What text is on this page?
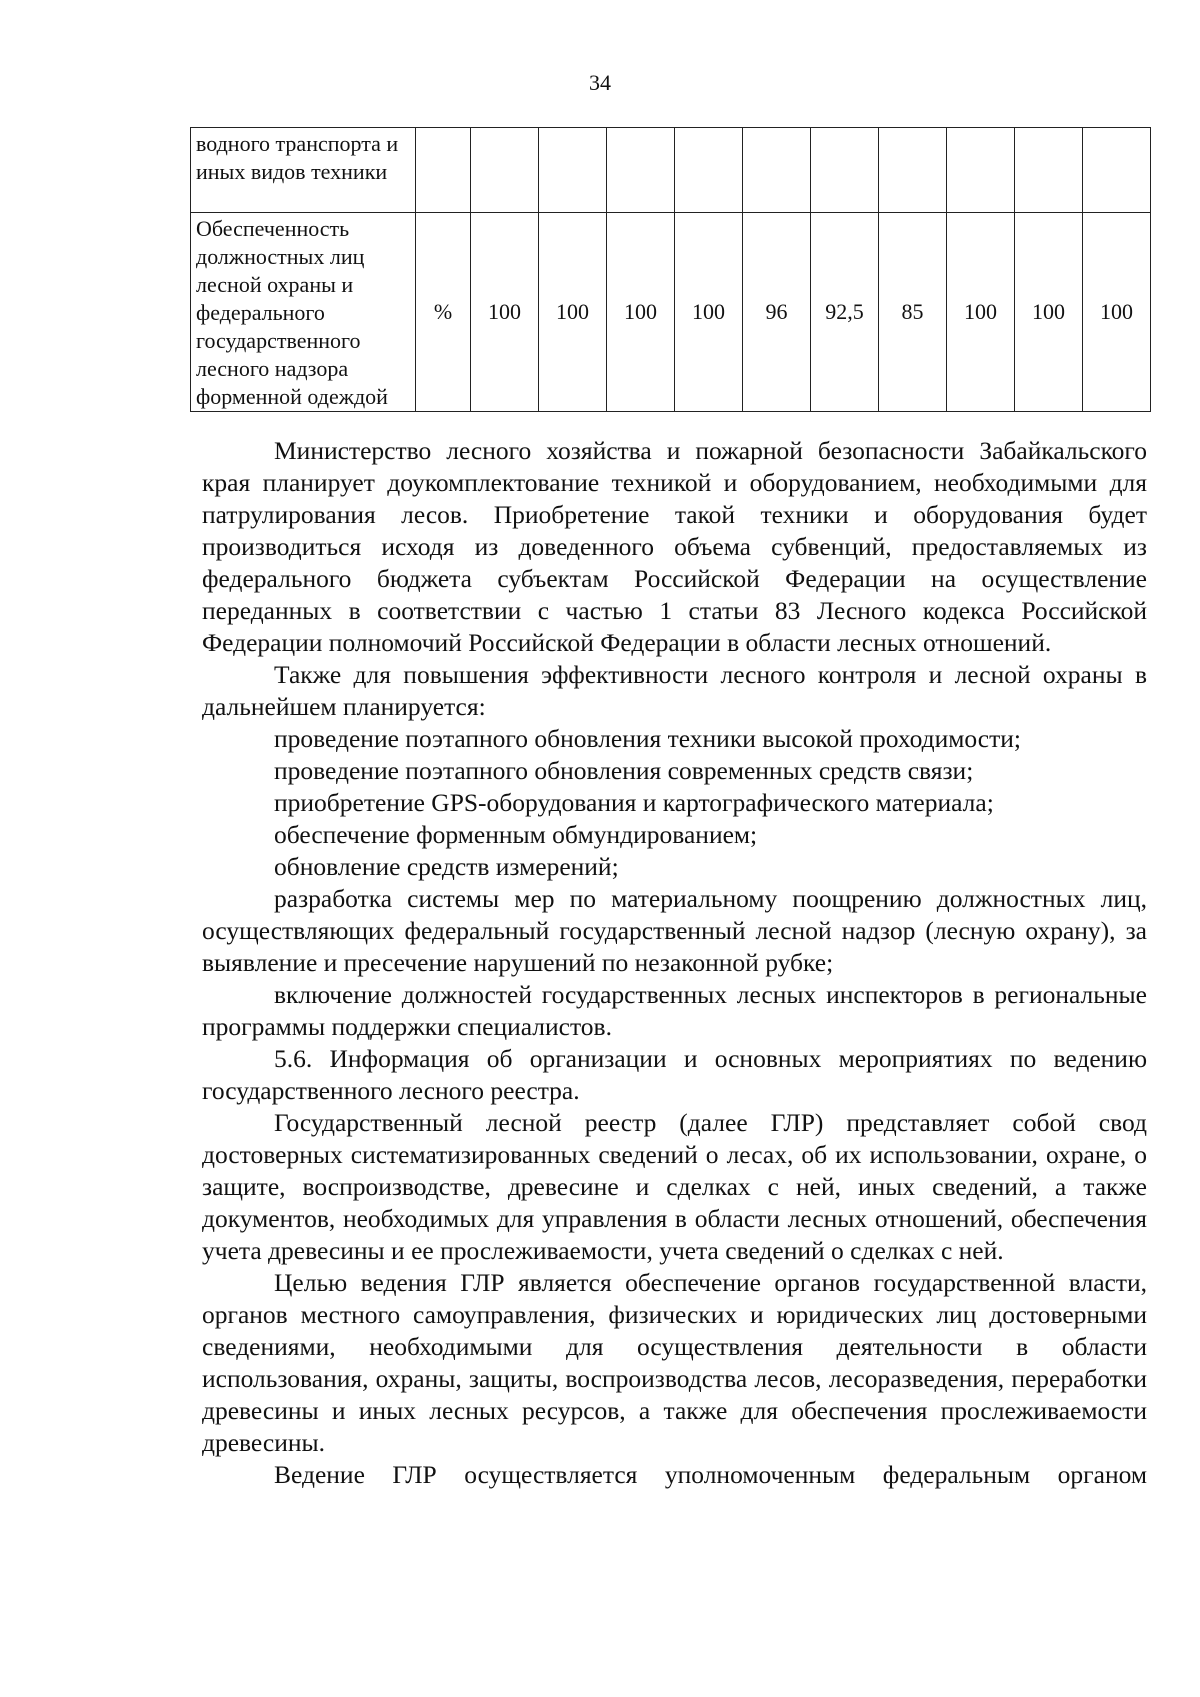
34
водного транспорта и иных видов техники											
Обеспеченность должностных лиц лесной охраны и федерального государственного лесного надзора форменной одеждой	%	100	100	100	100	96	92,5	85	100	100	100

Министерство лесного хозяйства и пожарной безопасности Забайкальского края планирует доукомплектование техникой и оборудованием, необходимыми для патрулирования лесов. Приобретение такой техники и оборудования будет производиться исходя из доведенного объема субвенций, предоставляемых из федерального бюджета субъектам Российской Федерации на осуществление переданных в соответствии с частью 1 статьи 83 Лесного кодекса Российской Федерации полномочий Российской Федерации в области лесных отношений.

Также для повышения эффективности лесного контроля и лесной охраны в дальнейшем планируется:

проведение поэтапного обновления техники высокой проходимости;

проведение поэтапного обновления современных средств связи;

приобретение GPS-оборудования и картографического материала;

обеспечение форменным обмундированием;

обновление средств измерений;

разработка системы мер по материальному поощрению должностных лиц, осуществляющих федеральный государственный лесной надзор (лесную охрану), за выявление и пресечение нарушений по незаконной рубке;

включение должностей государственных лесных инспекторов в региональные программы поддержки специалистов.

5.6. Информация об организации и основных мероприятиях по ведению государственного лесного реестра.

Государственный лесной реестр (далее ГЛР) представляет собой свод достоверных систематизированных сведений о лесах, об их использовании, охране, о защите, воспроизводстве, древесине и сделках с ней, иных сведений, а также документов, необходимых для управления в области лесных отношений, обеспечения учета древесины и ее прослеживаемости, учета сведений о сделках с ней.

Целью ведения ГЛР является обеспечение органов государственной власти, органов местного самоуправления, физических и юридических лиц достоверными сведениями, необходимыми для осуществления деятельности в области использования, охраны, защиты, воспроизводства лесов, лесоразведения, переработки древесины и иных лесных ресурсов, а также для обеспечения прослеживаемости древесины.

Ведение ГЛР осуществляется уполномоченным федеральным органом
